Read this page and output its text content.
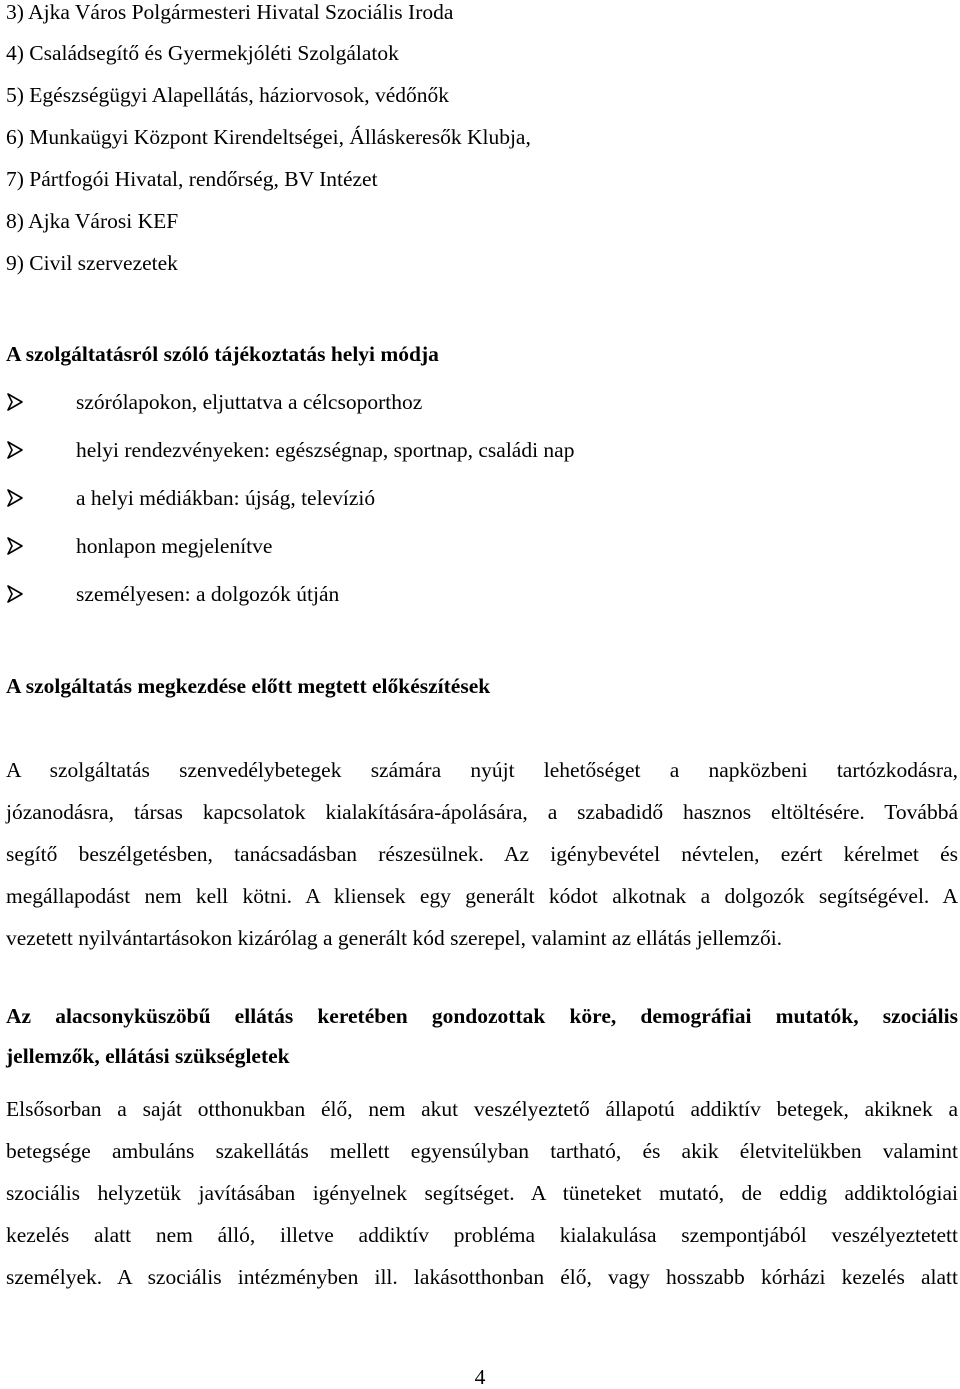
3) Ajka Város Polgármesteri Hivatal Szociális Iroda
4) Családsegítő és Gyermekjóléti Szolgálatok
5) Egészségügyi Alapellátás, háziorvosok, védőnők
6) Munkaügyi Központ Kirendeltségei, Álláskeresők Klubja,
7) Pártfogói Hivatal, rendőrség, BV Intézet
8) Ajka Városi KEF
9) Civil szervezetek
A szolgáltatásról szóló tájékoztatás helyi módja
szórólapokon, eljuttatva a célcsoporthoz
helyi rendezvényeken: egészségnap, sportnap, családi nap
a helyi médiákban: újság, televízió
honlapon megjelenítve
személyesen: a dolgozók útján
A szolgáltatás megkezdése előtt megtett előkészítések
A szolgáltatás szenvedélybetegek számára nyújt lehetőséget a napközbeni tartózkodásra,
józanodásra, társas kapcsolatok kialakítására-ápolására, a szabadidő hasznos eltöltésére. Továbbá
segítő beszélgetésben, tanácsadásban részesülnek. Az igénybevétel névtelen, ezért kérelmet és
megállapodást nem kell kötni. A kliensek egy generált kódot alkotnak a dolgozók segítségével. A
vezetett nyilvántartásokon kizárólag a generált kód szerepel, valamint az ellátás jellemzői.
Az alacsonyküszöbű ellátás keretében gondozottak köre, demográfiai mutatók, szociális
jellemzők, ellátási szükségletek
Elsősorban a saját otthonukban élő, nem akut veszélyeztető állapotú addiktív betegek, akiknek a
betegsége ambuláns szakellátás mellett egyensúlyban tartható, és akik életvitelükben valamint
szociális helyzetük javításában igényelnek segítséget. A tüneteket mutató, de eddig addiktológiai
kezelés alatt nem álló, illetve addiktív probléma kialakulása szempontjából veszélyeztetett
személyek. A szociális intézményben ill. lakásotthonban élő, vagy hosszabb kórházi kezelés alatt
4
